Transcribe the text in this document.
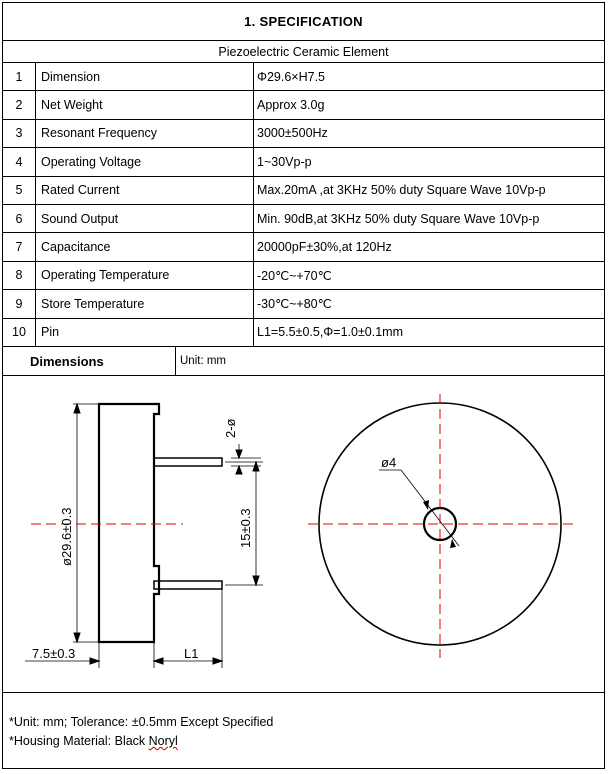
1. SPECIFICATION
Piezoelectric Ceramic Element
1	Dimension	Φ29.6×H7.5
2	Net Weight	Approx 3.0g
3	Resonant Frequency	3000±500Hz
4	Operating Voltage	1~30Vp-p
5	Rated Current	Max.20mA ,at 3KHz 50% duty Square Wave 10Vp-p
6	Sound Output	Min. 90dB,at 3KHz 50% duty Square Wave 10Vp-p
7	Capacitance	20000pF±30%,at 120Hz
8	Operating Temperature	-20℃~+70℃
9	Store Temperature	-30℃~+80℃
10	Pin	L1=5.5±0.5,Φ=1.0±0.1mm
Dimensions	Unit: mm
ø29.6±0.3
7.5±0.3	L1
2-ø
15±0.3
ø4
*Unit: mm; Tolerance: ±0.5mm Except Specified
*Housing Material: Black Noryl
